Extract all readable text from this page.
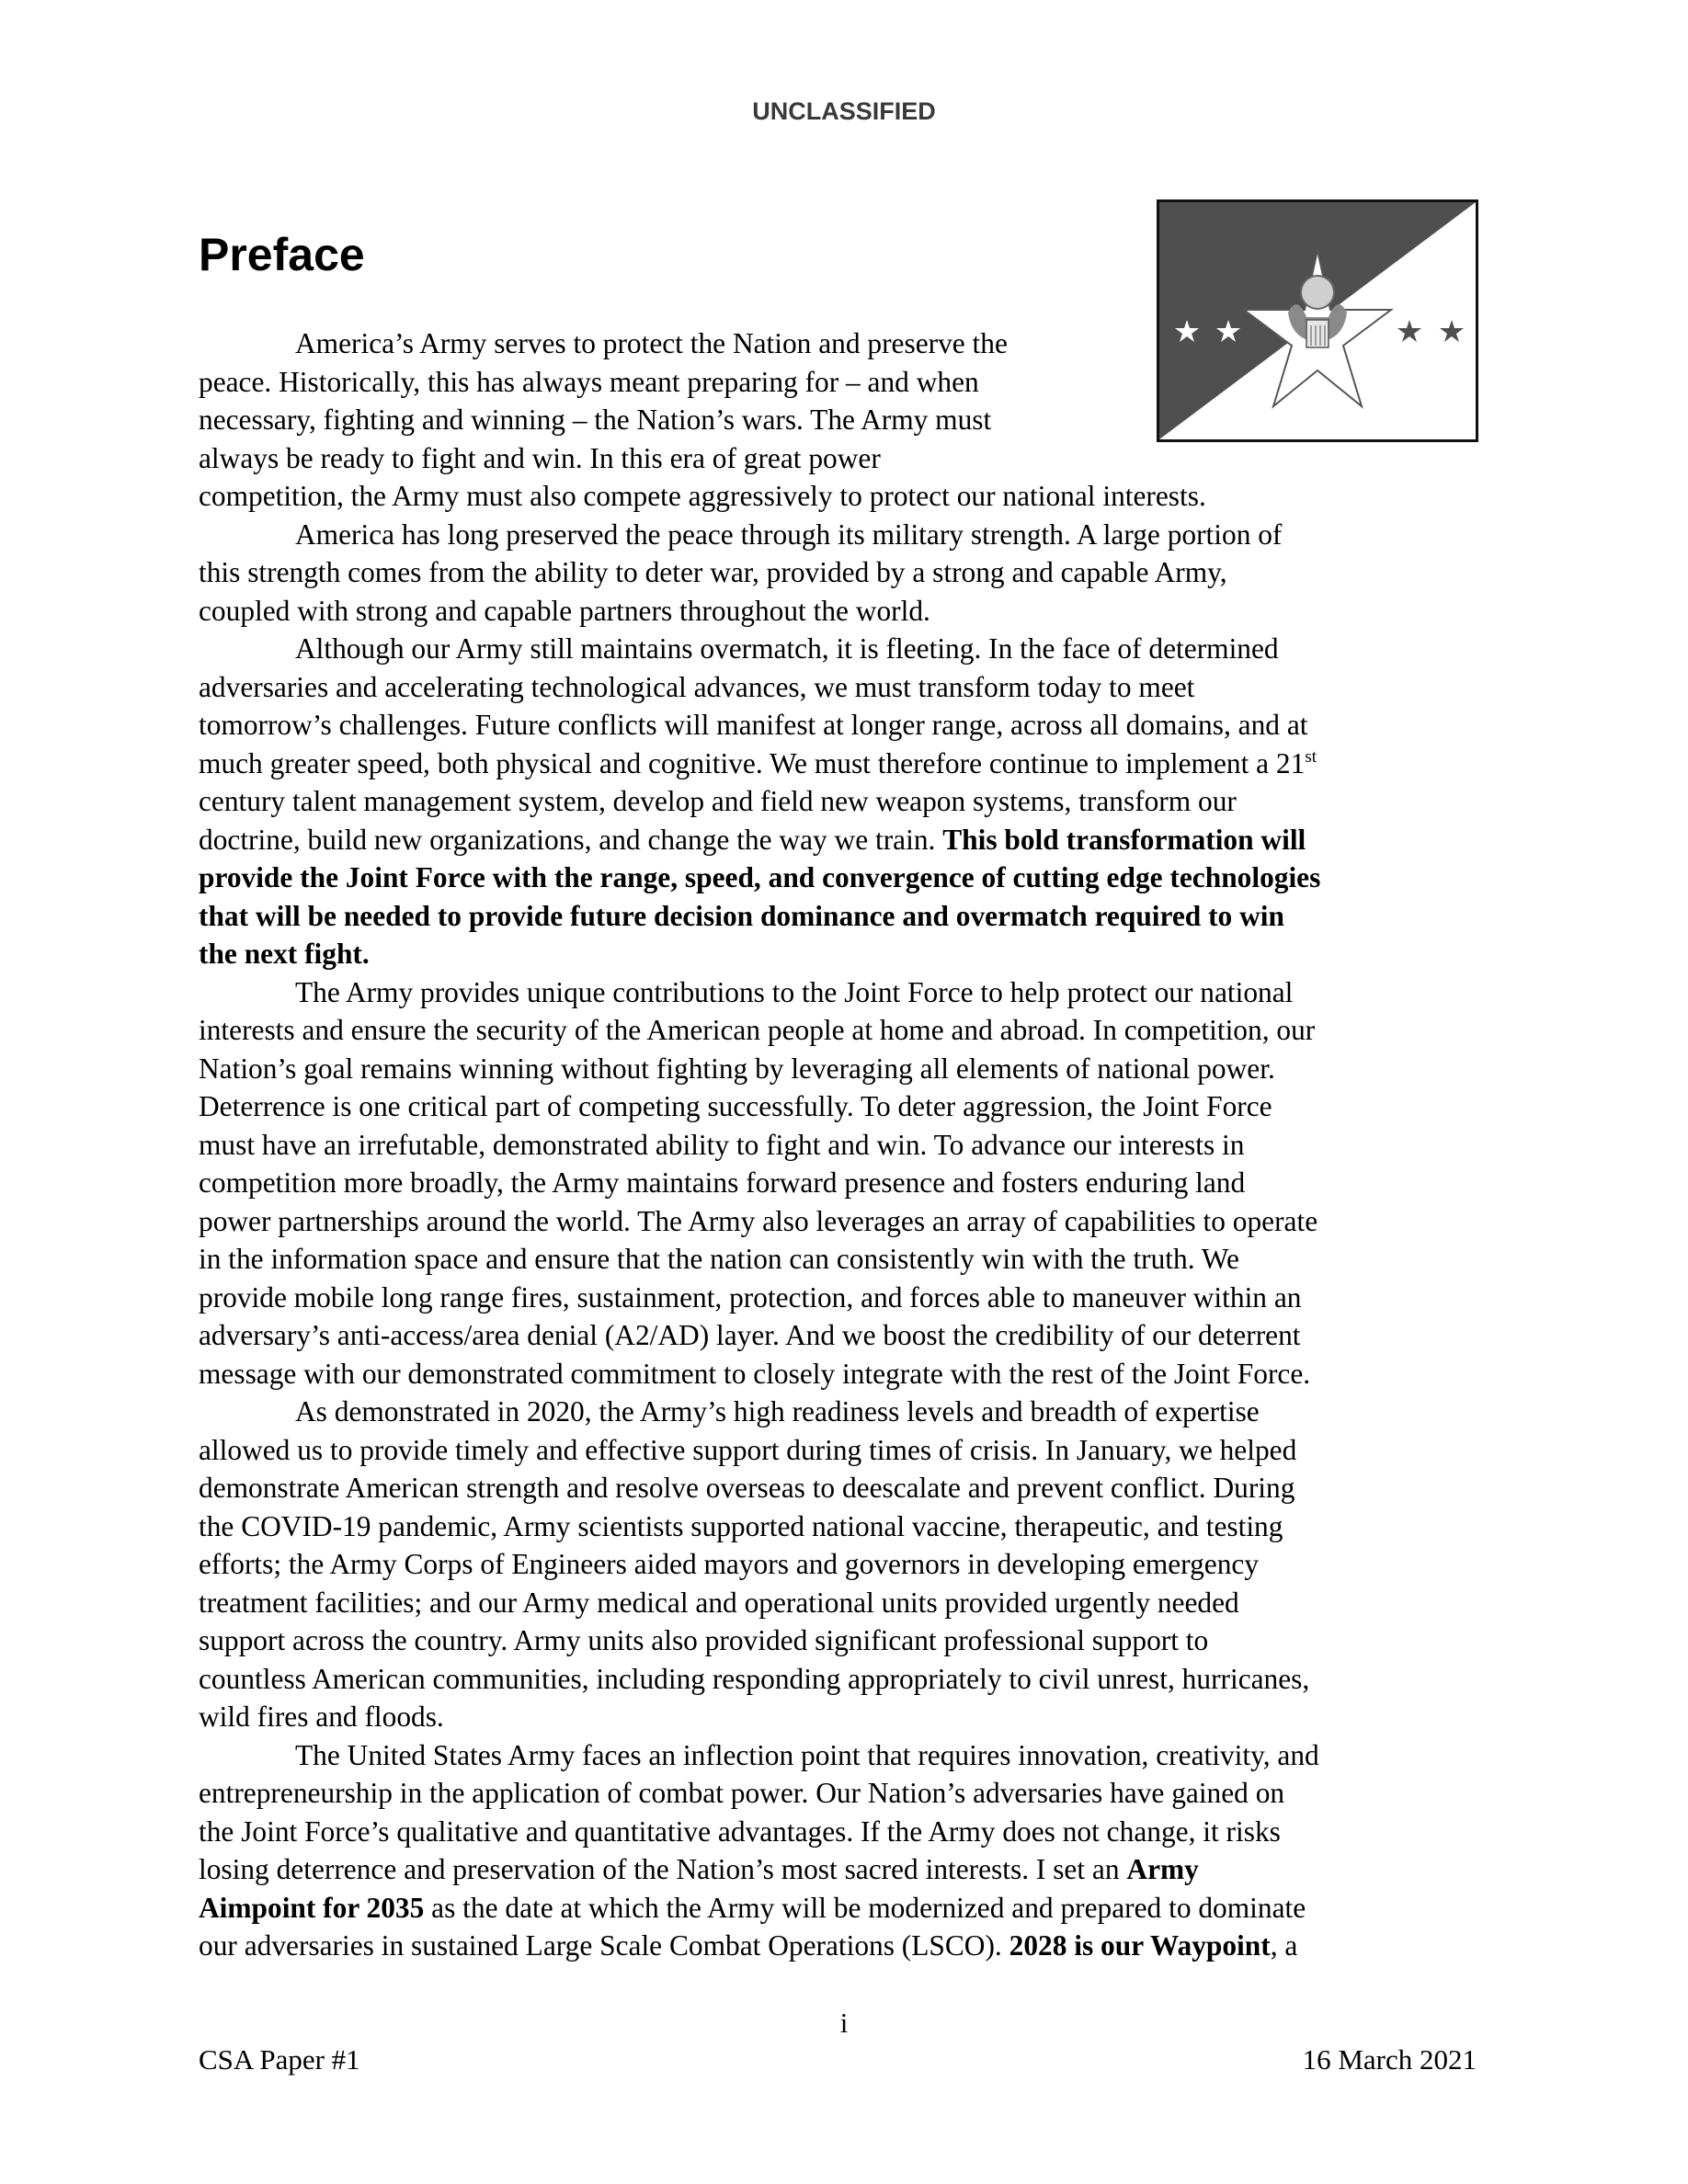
UNCLASSIFIED
Preface
America’s Army serves to protect the Nation and preserve the
peace. Historically, this has always meant preparing for – and when
necessary, fighting and winning – the Nation’s wars. The Army must
always be ready to fight and win. In this era of great power
competition, the Army must also compete aggressively to protect our national interests.
America has long preserved the peace through its military strength. A large portion of
this strength comes from the ability to deter war, provided by a strong and capable Army,
coupled with strong and capable partners throughout the world.
Although our Army still maintains overmatch, it is fleeting. In the face of determined
adversaries and accelerating technological advances, we must transform today to meet
tomorrow’s challenges. Future conflicts will manifest at longer range, across all domains, and at
much greater speed, both physical and cognitive. We must therefore continue to implement a 21st
century talent management system, develop and field new weapon systems, transform our
doctrine, build new organizations, and change the way we train. This bold transformation will
provide the Joint Force with the range, speed, and convergence of cutting edge technologies
that will be needed to provide future decision dominance and overmatch required to win
the next fight.
The Army provides unique contributions to the Joint Force to help protect our national
interests and ensure the security of the American people at home and abroad. In competition, our
Nation’s goal remains winning without fighting by leveraging all elements of national power.
Deterrence is one critical part of competing successfully. To deter aggression, the Joint Force
must have an irrefutable, demonstrated ability to fight and win. To advance our interests in
competition more broadly, the Army maintains forward presence and fosters enduring land
power partnerships around the world. The Army also leverages an array of capabilities to operate
in the information space and ensure that the nation can consistently win with the truth. We
provide mobile long range fires, sustainment, protection, and forces able to maneuver within an
adversary’s anti-access/area denial (A2/AD) layer. And we boost the credibility of our deterrent
message with our demonstrated commitment to closely integrate with the rest of the Joint Force.
As demonstrated in 2020, the Army’s high readiness levels and breadth of expertise
allowed us to provide timely and effective support during times of crisis. In January, we helped
demonstrate American strength and resolve overseas to deescalate and prevent conflict. During
the COVID-19 pandemic, Army scientists supported national vaccine, therapeutic, and testing
efforts; the Army Corps of Engineers aided mayors and governors in developing emergency
treatment facilities; and our Army medical and operational units provided urgently needed
support across the country. Army units also provided significant professional support to
countless American communities, including responding appropriately to civil unrest, hurricanes,
wild fires and floods.
The United States Army faces an inflection point that requires innovation, creativity, and
entrepreneurship in the application of combat power. Our Nation’s adversaries have gained on
the Joint Force’s qualitative and quantitative advantages. If the Army does not change, it risks
losing deterrence and preservation of the Nation’s most sacred interests. I set an Army
Aimpoint for 2035 as the date at which the Army will be modernized and prepared to dominate
our adversaries in sustained Large Scale Combat Operations (LSCO). 2028 is our Waypoint, a
i
CSA Paper #1	16 March 2021
